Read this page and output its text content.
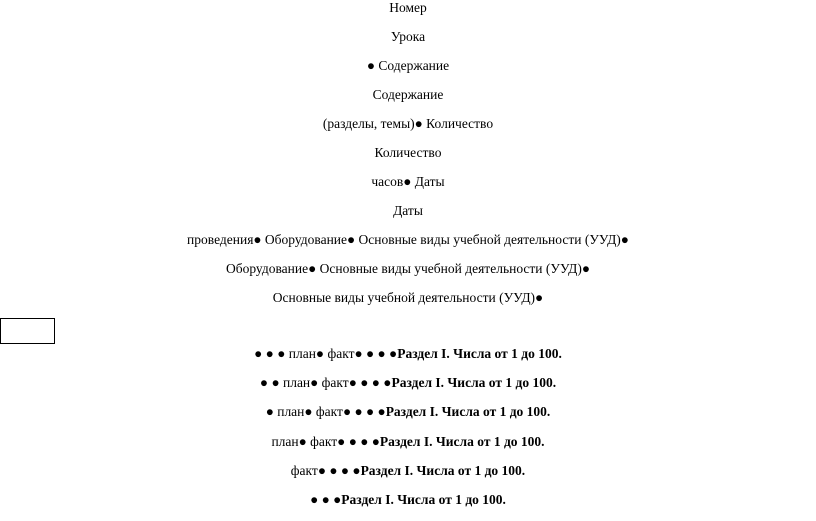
Номер
Урока
● Содержание
Содержание
(разделы, темы)● Количество
Количество
часов● Даты
Даты
проведения● Оборудование● Основные виды учебной деятельности (УУД)●
Оборудование● Основные виды учебной деятельности (УУД)●
Основные виды учебной деятельности (УУД)●
● ● ● план● факт● ● ● ●Раздел I. Числа от 1 до 100.
● ● план● факт● ● ● ●Раздел I. Числа от 1 до 100.
● план● факт● ● ● ●Раздел I. Числа от 1 до 100.
план● факт● ● ● ●Раздел I. Числа от 1 до 100.
факт● ● ● ●Раздел I. Числа от 1 до 100.
● ● ●Раздел I. Числа от 1 до 100.
